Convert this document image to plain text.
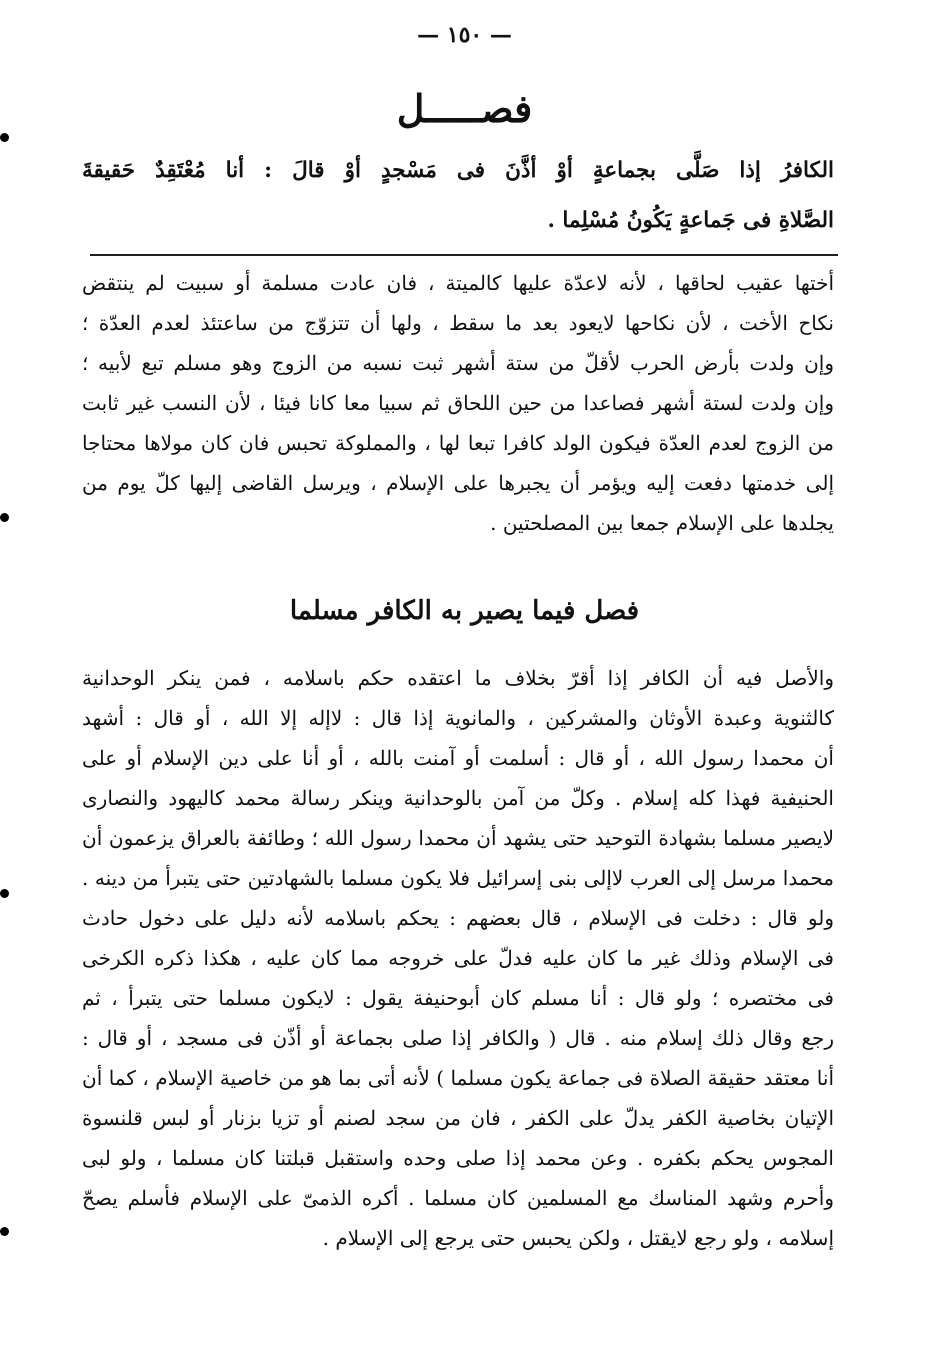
— ١٥٠ —
فصـــــل
الكافرُ إذا صَلَّى بجماعةٍ أوْ أذَّنَ فى مَسْجدٍ أوْ قالَ : أنا مُعْتَقِدٌ حَقيقةَ
الصَّلاةِ فى جَماعةٍ يَكُونُ مُسْلِما .
أختها عقيب لحاقها ، لأنه لاعدّة عليها كالميتة ، فان عادت مسلمة أو سبيت لم ينتقض
نكاح الأخت ، لأن نكاحها لايعود بعد ما سقط ، ولها أن تتزوّج من ساعتئذ لعدم العدّة ؛
وإن ولدت بأرض الحرب لأقلّ من ستة أشهر ثبت نسبه من الزوج وهو مسلم تبع لأبيه ؛
وإن ولدت لستة أشهر فصاعدا من حين اللحاق ثم سبيا معا كانا فيئا ، لأن النسب غير ثابت
من الزوج لعدم العدّة فيكون الولد كافرا تبعا لها ، والمملوكة تحبس فان كان مولاها محتاجا
إلى خدمتها دفعت إليه ويؤمر أن يجبرها على الإسلام ، ويرسل القاضى إليها كلّ يوم من
يجلدها على الإسلام جمعا بين المصلحتين .
فصل فيما يصير به الكافر مسلما
والأصل فيه أن الكافر إذا أقرّ بخلاف ما اعتقده حكم باسلامه ، فمن ينكر الوحدانية
كالثنوية وعبدة الأوثان والمشركين ، والمانوية إذا قال : لاإله إلا الله ، أو قال : أشهد
أن محمدا رسول الله ، أو قال : أسلمت أو آمنت بالله ، أو أنا على دين الإسلام أو على
الحنيفية فهذا كله إسلام . وكلّ من آمن بالوحدانية وينكر رسالة محمد كاليهود والنصارى
لايصير مسلما بشهادة التوحيد حتى يشهد أن محمدا رسول الله ؛ وطائفة بالعراق يزعمون أن
محمدا مرسل إلى العرب لاإلى بنى إسرائيل فلا يكون مسلما بالشهادتين حتى يتبرأ من دينه .
ولو قال : دخلت فى الإسلام ، قال بعضهم : يحكم باسلامه لأنه دليل على دخول حادث
فى الإسلام وذلك غير ما كان عليه فدلّ على خروجه مما كان عليه ، هكذا ذكره الكرخى
فى مختصره ؛ ولو قال : أنا مسلم كان أبوحنيفة يقول : لايكون مسلما حتى يتبرأ ، ثم
رجع وقال ذلك إسلام منه . قال ( والكافر إذا صلى بجماعة أو أذّن فى مسجد ، أو قال :
أنا معتقد حقيقة الصلاة فى جماعة يكون مسلما ) لأنه أتى بما هو من خاصية الإسلام ، كما أن
الإتيان بخاصية الكفر يدلّ على الكفر ، فان من سجد لصنم أو تزيا بزنار أو لبس قلنسوة
المجوس يحكم بكفره . وعن محمد إذا صلى وحده واستقبل قبلتنا كان مسلما ، ولو لبى
وأحرم وشهد المناسك مع المسلمين كان مسلما . أكره الذمىّ على الإسلام فأسلم يصحّ
إسلامه ، ولو رجع لايقتل ، ولكن يحبس حتى يرجع إلى الإسلام .
